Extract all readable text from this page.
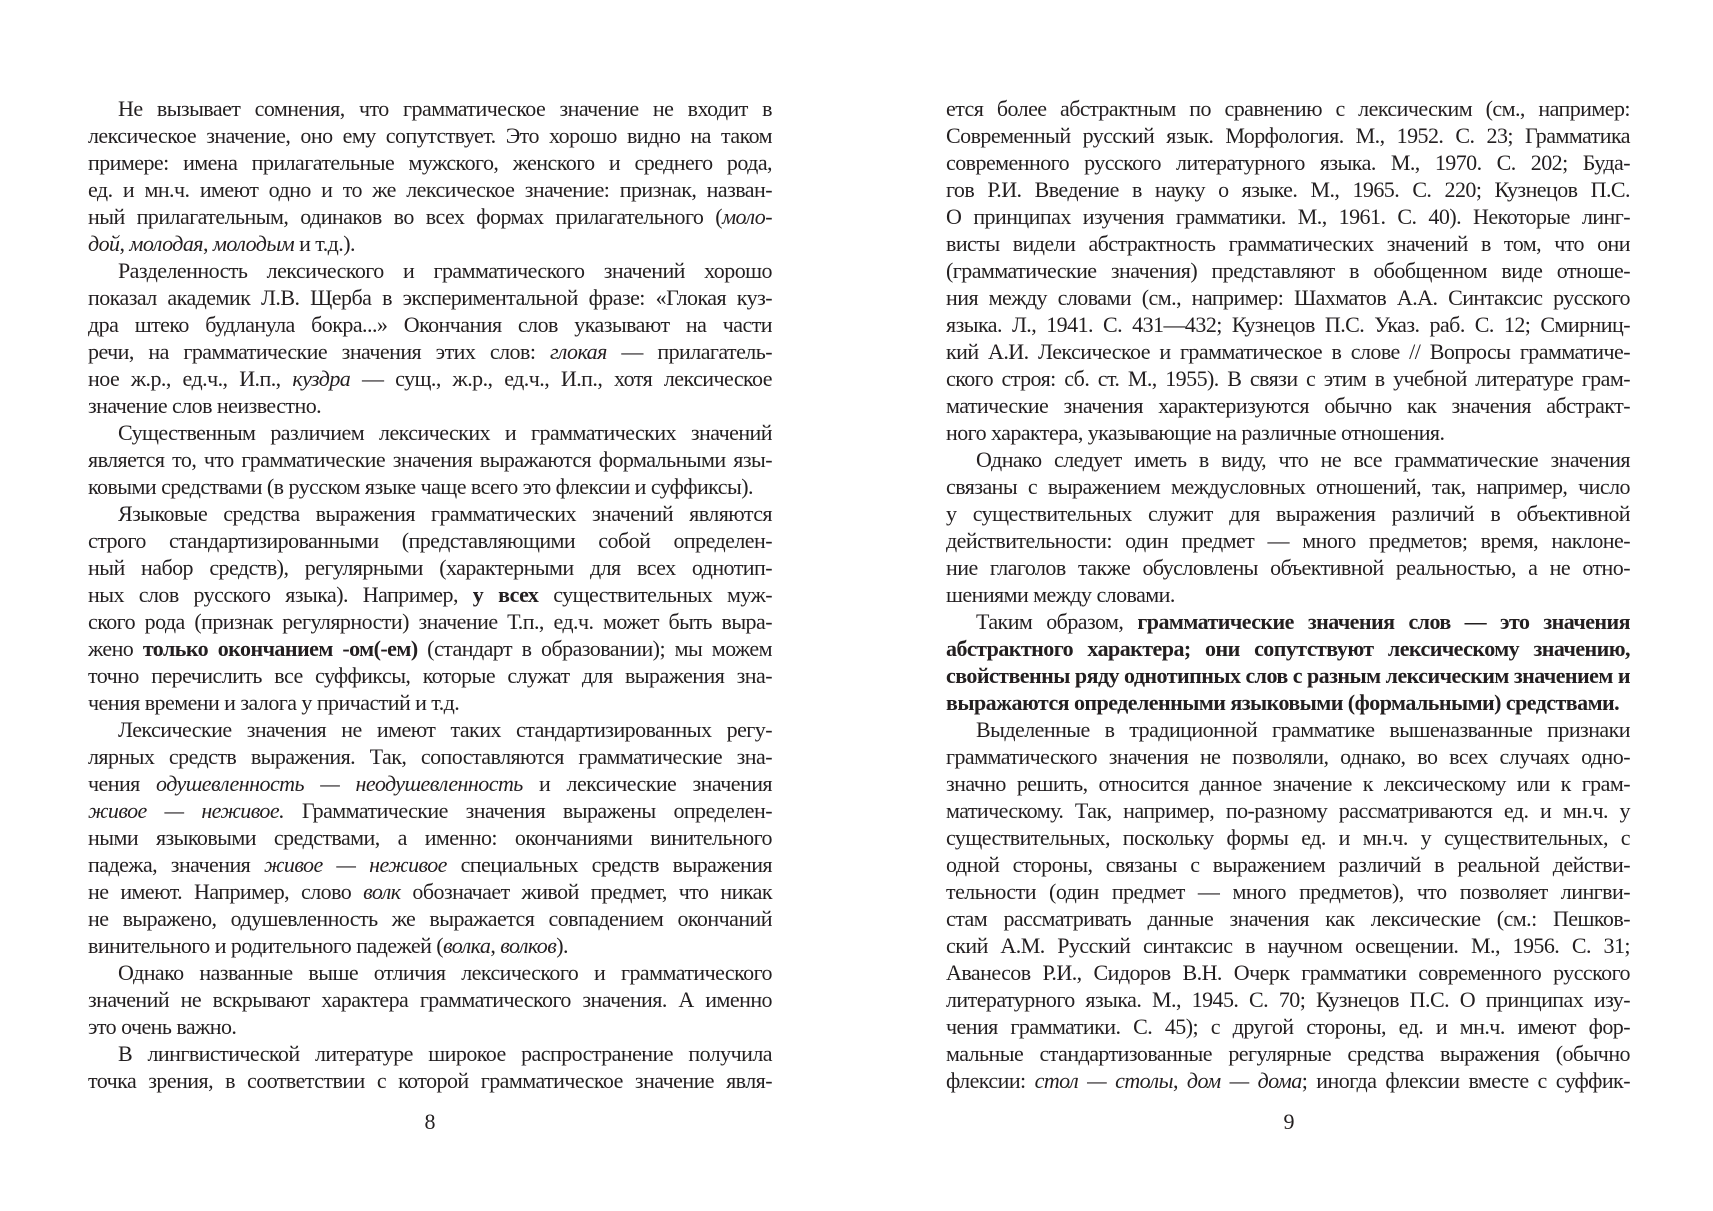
Не вызывает сомнения, что грамматическое значение не входит в
лексическое значение, оно ему сопутствует. Это хорошо видно на таком
примере: имена прилагательные мужского, женского и среднего рода,
ед. и мн.ч. имеют одно и то же лексическое значение: признак, назван-
ный прилагательным, одинаков во всех формах прилагательного (моло-
дой, молодая, молодым и т.д.).
Разделенность лексического и грамматического значений хорошо
показал академик Л.В. Щерба в экспериментальной фразе: «Глокая куз-
дра штеко будланула бокра...» Окончания слов указывают на части
речи, на грамматические значения этих слов: глокая — прилагатель-
ное ж.р., ед.ч., И.п., куздра — сущ., ж.р., ед.ч., И.п., хотя лексическое
значение слов неизвестно.
Существенным различием лексических и грамматических значений
является то, что грамматические значения выражаются формальными язы-
ковыми средствами (в русском языке чаще всего это флексии и суффиксы).
Языковые средства выражения грамматических значений являются
строго стандартизированными (представляющими собой определен-
ный набор средств), регулярными (характерными для всех однотип-
ных слов русского языка). Например, у всех существительных муж-
ского рода (признак регулярности) значение Т.п., ед.ч. может быть выра-
жено только окончанием -ом(-ем) (стандарт в образовании); мы можем
точно перечислить все суффиксы, которые служат для выражения зна-
чения времени и залога у причастий и т.д.
Лексические значения не имеют таких стандартизированных регу-
лярных средств выражения. Так, сопоставляются грамматические зна-
чения одушевленность — неодушевленность и лексические значения
живое — неживое. Грамматические значения выражены определен-
ными языковыми средствами, а именно: окончаниями винительного
падежа, значения живое — неживое специальных средств выражения
не имеют. Например, слово волк обозначает живой предмет, что никак
не выражено, одушевленность же выражается совпадением окончаний
винительного и родительного падежей (волка, волков).
Однако названные выше отличия лексического и грамматического
значений не вскрывают характера грамматического значения. А именно
это очень важно.
В лингвистической литературе широкое распространение получила
точка зрения, в соответствии с которой грамматическое значение явля-
8
ется более абстрактным по сравнению с лексическим (см., например:
Современный русский язык. Морфология. М., 1952. С. 23; Грамматика
современного русского литературного языка. М., 1970. С. 202; Буда-
гов Р.И. Введение в науку о языке. М., 1965. С. 220; Кузнецов П.С.
О принципах изучения грамматики. М., 1961. С. 40). Некоторые линг-
висты видели абстрактность грамматических значений в том, что они
(грамматические значения) представляют в обобщенном виде отноше-
ния между словами (см., например: Шахматов А.А. Синтаксис русского
языка. Л., 1941. С. 431—432; Кузнецов П.С. Указ. раб. С. 12; Смирниц-
кий А.И. Лексическое и грамматическое в слове // Вопросы грамматиче-
ского строя: сб. ст. М., 1955). В связи с этим в учебной литературе грам-
матические значения характеризуются обычно как значения абстракт-
ного характера, указывающие на различные отношения.
Однако следует иметь в виду, что не все грамматические значения
связаны с выражением междусловных отношений, так, например, число
у существительных служит для выражения различий в объективной
действительности: один предмет — много предметов; время, наклоне-
ние глаголов также обусловлены объективной реальностью, а не отно-
шениями между словами.
Таким образом, грамматические значения слов — это значения
абстрактного характера; они сопутствуют лексическому значению,
свойственны ряду однотипных слов с разным лексическим значением и
выражаются определенными языковыми (формальными) средствами.
Выделенные в традиционной грамматике вышеназванные признаки
грамматического значения не позволяли, однако, во всех случаях одно-
значно решить, относится данное значение к лексическому или к грам-
матическому. Так, например, по-разному рассматриваются ед. и мн.ч. у
существительных, поскольку формы ед. и мн.ч. у существительных, с
одной стороны, связаны с выражением различий в реальной действи-
тельности (один предмет — много предметов), что позволяет лингви-
стам рассматривать данные значения как лексические (см.: Пешков-
ский А.М. Русский синтаксис в научном освещении. М., 1956. С. 31;
Аванесов Р.И., Сидоров В.Н. Очерк грамматики современного русского
литературного языка. М., 1945. С. 70; Кузнецов П.С. О принципах изу-
чения грамматики. С. 45); с другой стороны, ед. и мн.ч. имеют фор-
мальные стандартизованные регулярные средства выражения (обычно
флексии: стол — столы, дом — дома; иногда флексии вместе с суффик-
9
